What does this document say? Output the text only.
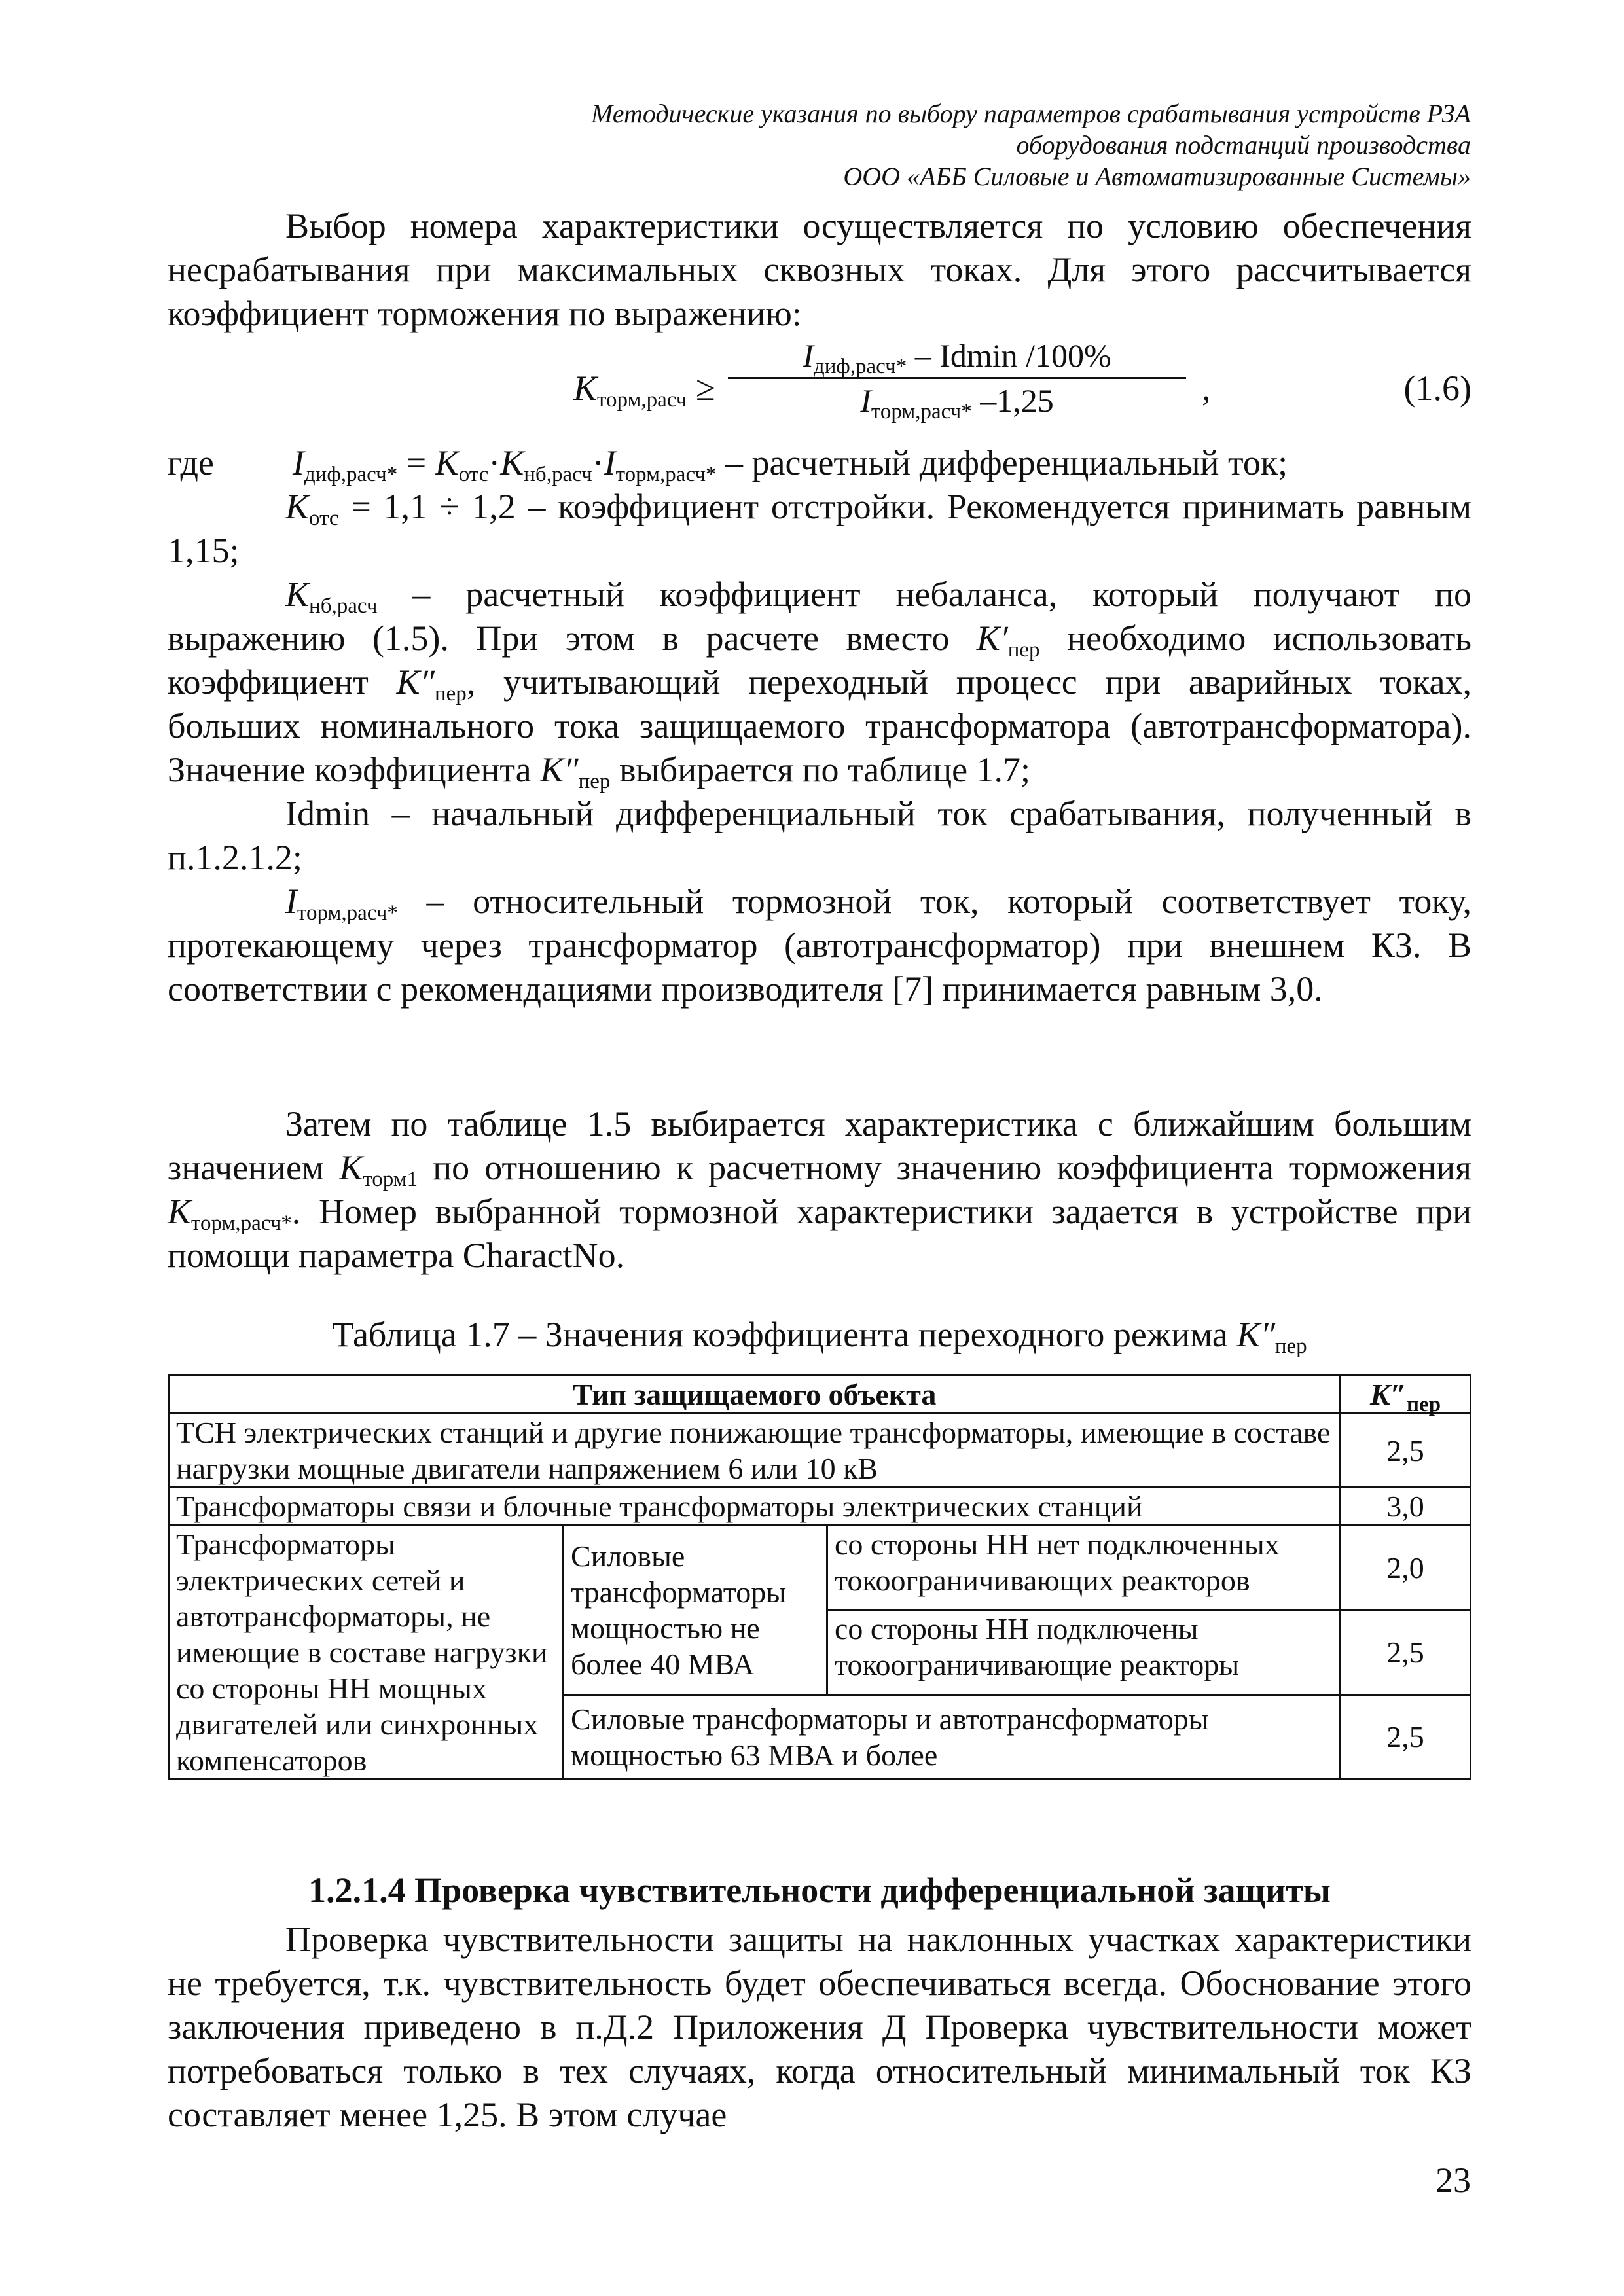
Методические указания по выбору параметров срабатывания устройств РЗА
оборудования подстанций производства
ООО «АББ Силовые и Автоматизированные Системы»

Выбор номера характеристики осуществляется по условию обеспечения несрабатывания при максимальных сквозных токах. Для этого рассчитывается коэффициент торможения по выражению:

$K_{торм,расч}$ ≥
$I_{диф,расч*}$ – Idmin /100%
$I_{торм,расч*}$ –1,25	,	(1.6)

где $I_{диф,расч*} = K_{отс}\cdot K_{нб,расч}\cdot I_{торм,расч*}$ – расчетный дифференциальный ток;

$K_{отс} = 1,1 \div 1,2$ – коэффициент отстройки. Рекомендуется принимать равным 1,15;

$K_{нб,расч}$ – расчетный коэффициент небаланса, который получают по выражению (1.5). При этом в расчете вместо $K'_{пер}$ необходимо использовать коэффициент $K''_{пер}$, учитывающий переходный процесс при аварийных токах, больших номинального тока защищаемого трансформатора (автотрансформатора). Значение коэффициента $K''_{пер}$ выбирается по таблице 1.7;

Idmin – начальный дифференциальный ток срабатывания, полученный в п.1.2.1.2;

$I_{торм,расч*}$ – относительный тормозной ток, который соответствует току, протекающему через трансформатор (автотрансформатор) при внешнем КЗ. В соответствии с рекомендациями производителя [7] принимается равным 3,0.

Затем по таблице 1.5 выбирается характеристика с ближайшим большим значением $K_{торм1}$ по отношению к расчетному значению коэффициента торможения $K_{торм,расч*}$. Номер выбранной тормозной характеристики задается в устройстве при помощи параметра CharactNo.

Таблица 1.7 – Значения коэффициента переходного режима $K''_{пер}$
Тип защищаемого объекта			$K''_{пер}$
ТСН электрических станций и другие понижающие трансформаторы, имеющие в составе нагрузки мощные двигатели напряжением 6 или 10 кВ			2,5
Трансформаторы связи и блочные трансформаторы электрических станций			3,0
Трансформаторы электрических сетей и автотрансформаторы, не имеющие в составе нагрузки со стороны НН мощных двигателей или синхронных компенсаторов	Силовые трансформаторы мощностью не более 40 МВА	со стороны НН нет подключенных токоограничивающих реакторов	2,0
		со стороны НН подключены токоограничивающие реакторы	2,5
	Силовые трансформаторы и автотрансформаторы мощностью 63 МВА и более		2,5
1.2.1.4 Проверка чувствительности дифференциальной защиты

Проверка чувствительности защиты на наклонных участках характеристики не требуется, т.к. чувствительность будет обеспечиваться всегда. Обоснование этого заключения приведено в п.Д.2 Приложения Д Проверка чувствительности может потребоваться только в тех случаях, когда относительный минимальный ток КЗ составляет менее 1,25. В этом случае

23
